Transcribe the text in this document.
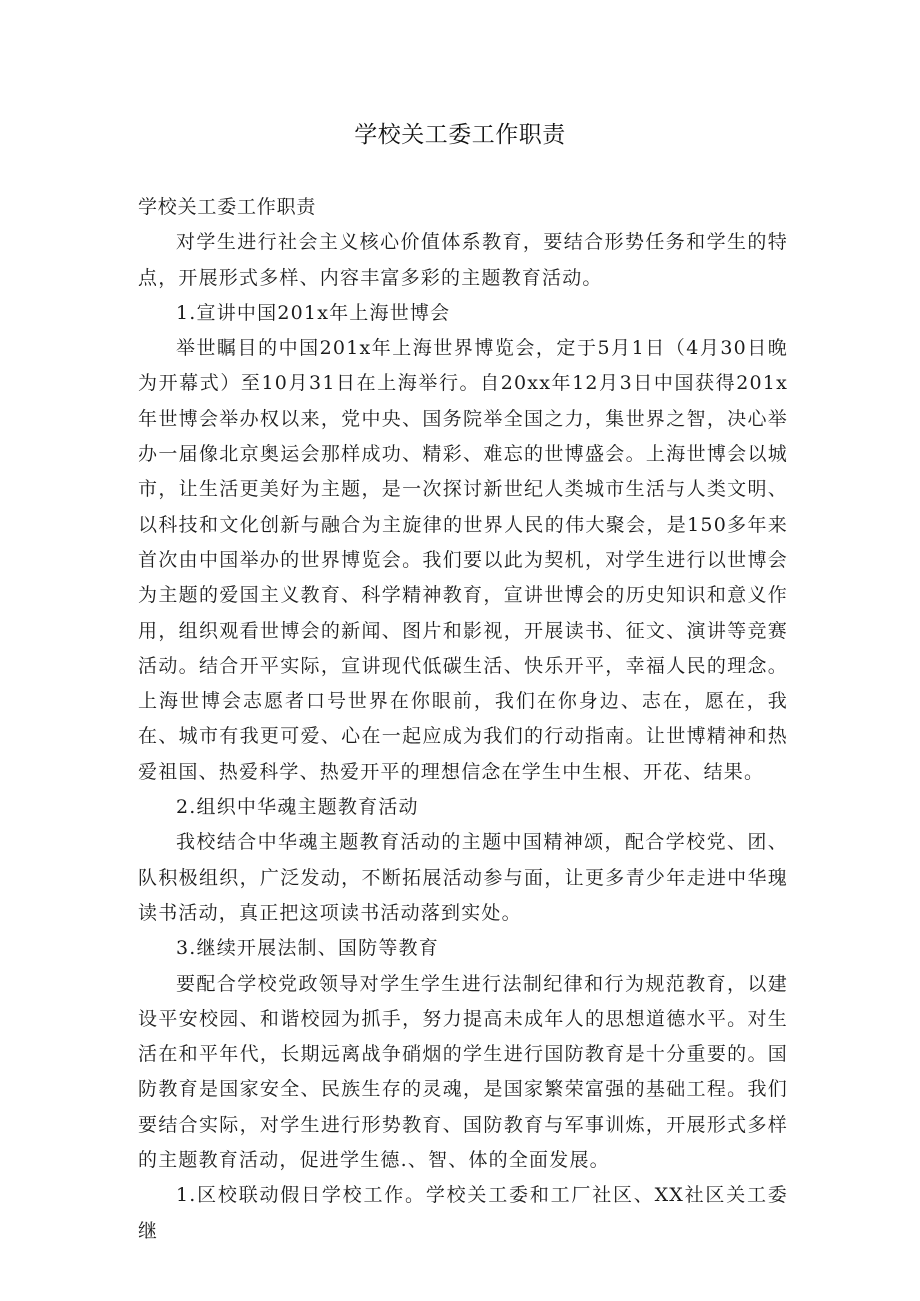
学校关工委工作职责

学校关工委工作职责

对学生进行社会主义核心价值体系教育，要结合形势任务和学生的特点，开展形式多样、内容丰富多彩的主题教育活动。

1.宣讲中国201x年上海世博会

举世瞩目的中国201x年上海世界博览会，定于5月1日（4月30日晚为开幕式）至10月31日在上海举行。自20xx年12月3日中国获得201x年世博会举办权以来，党中央、国务院举全国之力，集世界之智，决心举办一届像北京奥运会那样成功、精彩、难忘的世博盛会。上海世博会以城市，让生活更美好为主题，是一次探讨新世纪人类城市生活与人类文明、以科技和文化创新与融合为主旋律的世界人民的伟大聚会，是150多年来首次由中国举办的世界博览会。我们要以此为契机，对学生进行以世博会为主题的爱国主义教育、科学精神教育，宣讲世博会的历史知识和意义作用，组织观看世博会的新闻、图片和影视，开展读书、征文、演讲等竞赛活动。结合开平实际，宣讲现代低碳生活、快乐开平，幸福人民的理念。上海世博会志愿者口号世界在你眼前，我们在你身边、志在，愿在，我在、城市有我更可爱、心在一起应成为我们的行动指南。让世博精神和热爱祖国、热爱科学、热爱开平的理想信念在学生中生根、开花、结果。

2.组织中华魂主题教育活动

我校结合中华魂主题教育活动的主题中国精神颂，配合学校党、团、队积极组织，广泛发动，不断拓展活动参与面，让更多青少年走进中华瑰读书活动，真正把这项读书活动落到实处。

3.继续开展法制、国防等教育

要配合学校党政领导对学生学生进行法制纪律和行为规范教育，以建设平安校园、和谐校园为抓手，努力提高未成年人的思想道德水平。对生活在和平年代，长期远离战争硝烟的学生进行国防教育是十分重要的。国防教育是国家安全、民族生存的灵魂，是国家繁荣富强的基础工程。我们要结合实际，对学生进行形势教育、国防教育与军事训炼，开展形式多样的主题教育活动，促进学生德.、智、体的全面发展。

1.区校联动假日学校工作。学校关工委和工厂社区、XX社区关工委继
